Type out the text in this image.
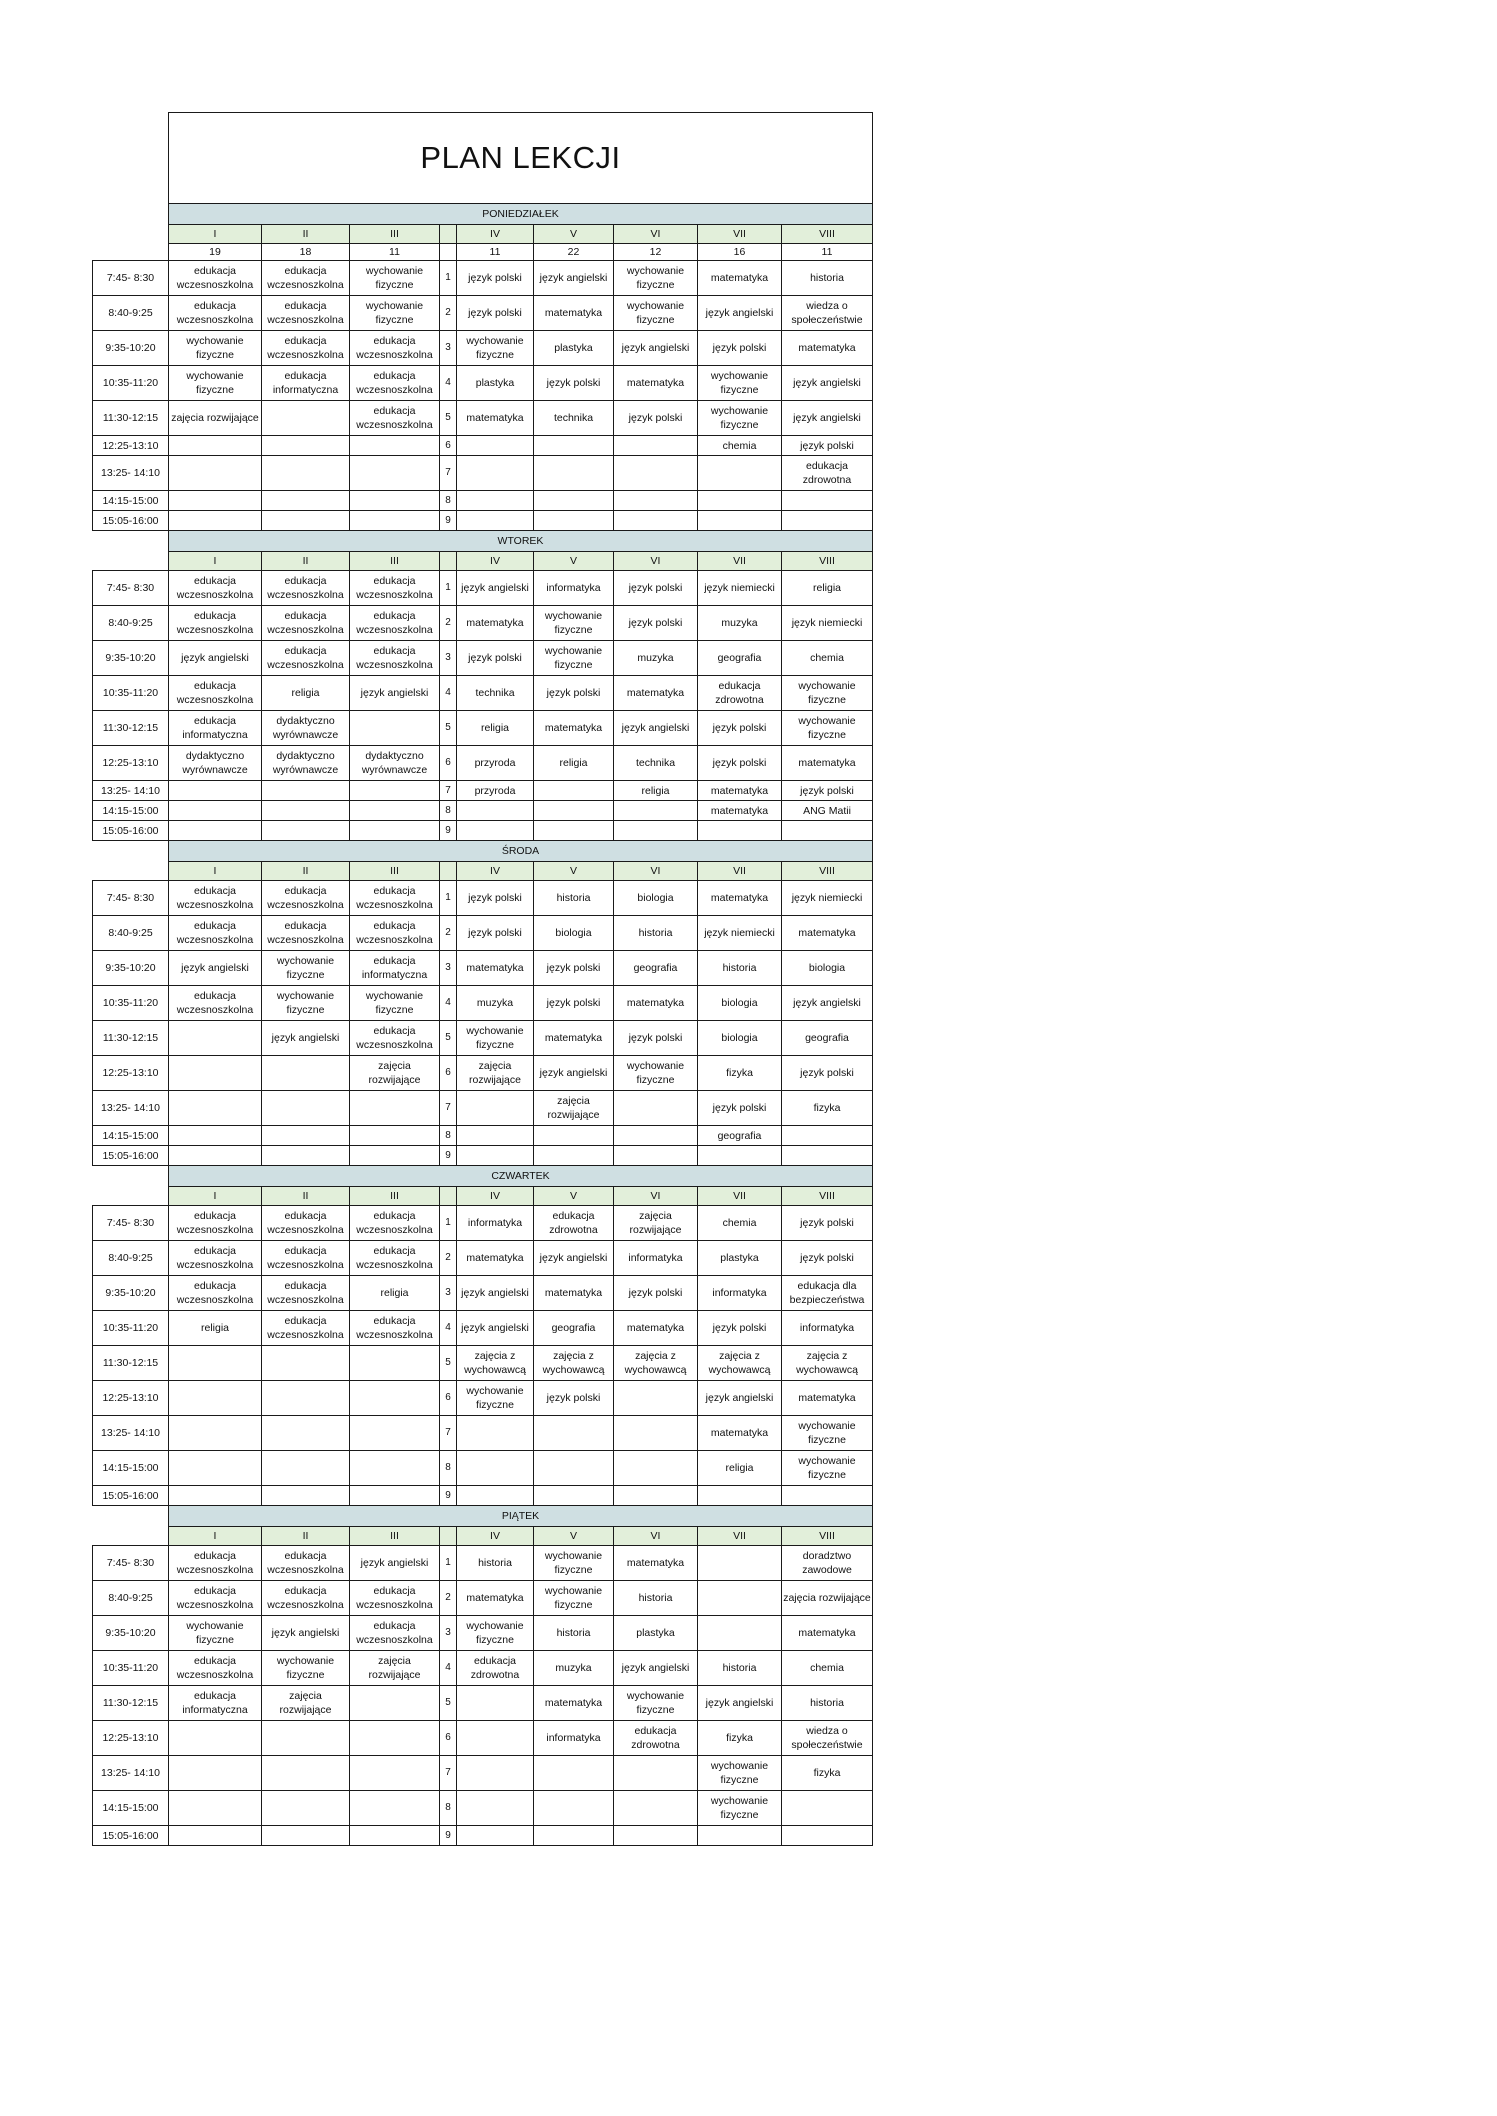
	PLAN LEKCJI								
	PONIEDZIAŁEK								
	I	II	III		IV	V	VI	VII	VIII
	19	18	11		11	22	12	16	11
7:45- 8:30	edukacja wczesnoszkolna	edukacja wczesnoszkolna	wychowanie fizyczne	1	język polski	język angielski	wychowanie fizyczne	matematyka	historia
8:40-9:25	edukacja wczesnoszkolna	edukacja wczesnoszkolna	wychowanie fizyczne	2	język polski	matematyka	wychowanie fizyczne	język angielski	wiedza o społeczeństwie
9:35-10:20	wychowanie fizyczne	edukacja wczesnoszkolna	edukacja wczesnoszkolna	3	wychowanie fizyczne	plastyka	język angielski	język polski	matematyka
10:35-11:20	wychowanie fizyczne	edukacja informatyczna	edukacja wczesnoszkolna	4	plastyka	język polski	matematyka	wychowanie fizyczne	język angielski
11:30-12:15	zajęcia rozwijające		edukacja wczesnoszkolna	5	matematyka	technika	język polski	wychowanie fizyczne	język angielski
12:25-13:10				6				chemia	język polski
13:25- 14:10				7					edukacja zdrowotna
14:15-15:00				8					
15:05-16:00				9					
	WTOREK								
	I	II	III		IV	V	VI	VII	VIII
7:45- 8:30	edukacja wczesnoszkolna	edukacja wczesnoszkolna	edukacja wczesnoszkolna	1	język angielski	informatyka	język polski	język niemiecki	religia
8:40-9:25	edukacja wczesnoszkolna	edukacja wczesnoszkolna	edukacja wczesnoszkolna	2	matematyka	wychowanie fizyczne	język polski	muzyka	język niemiecki
9:35-10:20	język angielski	edukacja wczesnoszkolna	edukacja wczesnoszkolna	3	język polski	wychowanie fizyczne	muzyka	geografia	chemia
10:35-11:20	edukacja wczesnoszkolna	religia	język angielski	4	technika	język polski	matematyka	edukacja zdrowotna	wychowanie fizyczne
11:30-12:15	edukacja informatyczna	dydaktyczno wyrównawcze		5	religia	matematyka	język angielski	język polski	wychowanie fizyczne
12:25-13:10	dydaktyczno wyrównawcze	dydaktyczno wyrównawcze	dydaktyczno wyrównawcze	6	przyroda	religia	technika	język polski	matematyka
13:25- 14:10				7	przyroda		religia	matematyka	język polski
14:15-15:00				8				matematyka	ANG Matii
15:05-16:00				9					
	ŚRODA								
	I	II	III		IV	V	VI	VII	VIII
7:45- 8:30	edukacja wczesnoszkolna	edukacja wczesnoszkolna	edukacja wczesnoszkolna	1	język polski	historia	biologia	matematyka	język niemiecki
8:40-9:25	edukacja wczesnoszkolna	edukacja wczesnoszkolna	edukacja wczesnoszkolna	2	język polski	biologia	historia	język niemiecki	matematyka
9:35-10:20	język angielski	wychowanie fizyczne	edukacja informatyczna	3	matematyka	język polski	geografia	historia	biologia
10:35-11:20	edukacja wczesnoszkolna	wychowanie fizyczne	wychowanie fizyczne	4	muzyka	język polski	matematyka	biologia	język angielski
11:30-12:15		język angielski	edukacja wczesnoszkolna	5	wychowanie fizyczne	matematyka	język polski	biologia	geografia
12:25-13:10			zajęcia rozwijające	6	zajęcia rozwijające	język angielski	wychowanie fizyczne	fizyka	język polski
13:25- 14:10				7		zajęcia rozwijające		język polski	fizyka
14:15-15:00				8				geografia	
15:05-16:00				9					
	CZWARTEK								
	I	II	III		IV	V	VI	VII	VIII
7:45- 8:30	edukacja wczesnoszkolna	edukacja wczesnoszkolna	edukacja wczesnoszkolna	1	informatyka	edukacja zdrowotna	zajęcia rozwijające	chemia	język polski
8:40-9:25	edukacja wczesnoszkolna	edukacja wczesnoszkolna	edukacja wczesnoszkolna	2	matematyka	język angielski	informatyka	plastyka	język polski
9:35-10:20	edukacja wczesnoszkolna	edukacja wczesnoszkolna	religia	3	język angielski	matematyka	język polski	informatyka	edukacja dla bezpieczeństwa
10:35-11:20	religia	edukacja wczesnoszkolna	edukacja wczesnoszkolna	4	język angielski	geografia	matematyka	język polski	informatyka
11:30-12:15				5	zajęcia z wychowawcą	zajęcia z wychowawcą	zajęcia z wychowawcą	zajęcia z wychowawcą	zajęcia z wychowawcą
12:25-13:10				6	wychowanie fizyczne	język polski		język angielski	matematyka
13:25- 14:10				7				matematyka	wychowanie fizyczne
14:15-15:00				8				religia	wychowanie fizyczne
15:05-16:00				9					
	PIĄTEK								
	I	II	III		IV	V	VI	VII	VIII
7:45- 8:30	edukacja wczesnoszkolna	edukacja wczesnoszkolna	język angielski	1	historia	wychowanie fizyczne	matematyka		doradztwo zawodowe
8:40-9:25	edukacja wczesnoszkolna	edukacja wczesnoszkolna	edukacja wczesnoszkolna	2	matematyka	wychowanie fizyczne	historia		zajęcia rozwijające
9:35-10:20	wychowanie fizyczne	język angielski	edukacja wczesnoszkolna	3	wychowanie fizyczne	historia	plastyka		matematyka
10:35-11:20	edukacja wczesnoszkolna	wychowanie fizyczne	zajęcia rozwijające	4	edukacja zdrowotna	muzyka	język angielski	historia	chemia
11:30-12:15	edukacja informatyczna	zajęcia rozwijające		5		matematyka	wychowanie fizyczne	język angielski	historia
12:25-13:10				6		informatyka	edukacja zdrowotna	fizyka	wiedza o społeczeństwie
13:25- 14:10				7				wychowanie fizyczne	fizyka
14:15-15:00				8				wychowanie fizyczne	
15:05-16:00				9					
